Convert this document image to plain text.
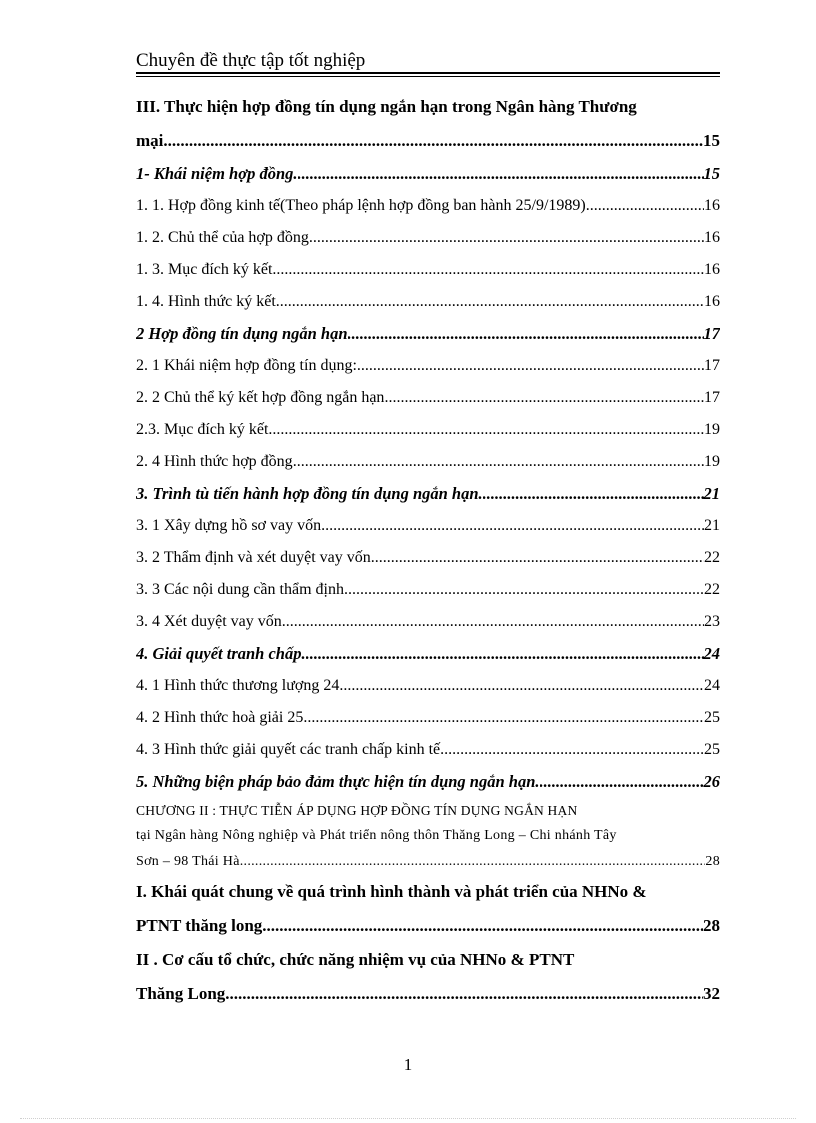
Chuyên đề thực tập tốt nghiệp
III. Thực hiện hợp đồng tín dụng ngắn hạn trong Ngân hàng Thương
mại .....	15
1- Khái niệm hợp đồng. .....	15
1. 1. Hợp đồng kinh tế(Theo pháp lệnh hợp đồng ban hành 25/9/1989) .....	16
1. 2. Chủ thể của hợp đồng .....	16
1. 3. Mục đích ký kết. .....	16
1. 4. Hình thức ký kết. .....	16
2 Hợp đồng tín dụng ngắn hạn .....	17
2. 1 Khái niệm hợp đồng tín dụng: .....	17
2. 2 Chủ thể ký kết hợp đồng ngắn hạn .....	17
2.3. Mục đích ký kết .....	19
2. 4 Hình thức hợp đồng .....	19
3. Trình tù tiến hành hợp đồng tín dụng ngắn hạn. .....	21
3. 1 Xây dựng hồ sơ vay vốn. .....	21
3. 2 Thẩm định và xét duyệt vay vốn. .....	22
3. 3 Các nội dung cần thẩm định. .....	22
3. 4 Xét duyệt vay vốn .....	23
4. Giải quyết tranh chấp. .....	24
4. 1 Hình thức thương lượng 24 .....	24
4. 2 Hình thức hoà giải 25 .....	25
4. 3 Hình thức giải quyết các tranh chấp kinh tế. .....	25
5. Những biện pháp bảo đảm thực hiện tín dụng ngắn hạn. .....	26
CHƯƠNG II : THỰC TIỄN ÁP DỤNG HỢP ĐỒNG TÍN DỤNG NGẮN HẠN
tại Ngân hàng Nông nghiệp và Phát triển nông thôn Thăng Long – Chi nhánh Tây
Sơn – 98 Thái Hà. .....	28
I. Khái quát chung về quá trình hình thành và phát triển của NHNo &
PTNT thăng long .....	28
II . Cơ cấu tổ chức, chức năng nhiệm vụ của NHNo & PTNT
Thăng Long .....	32
1
